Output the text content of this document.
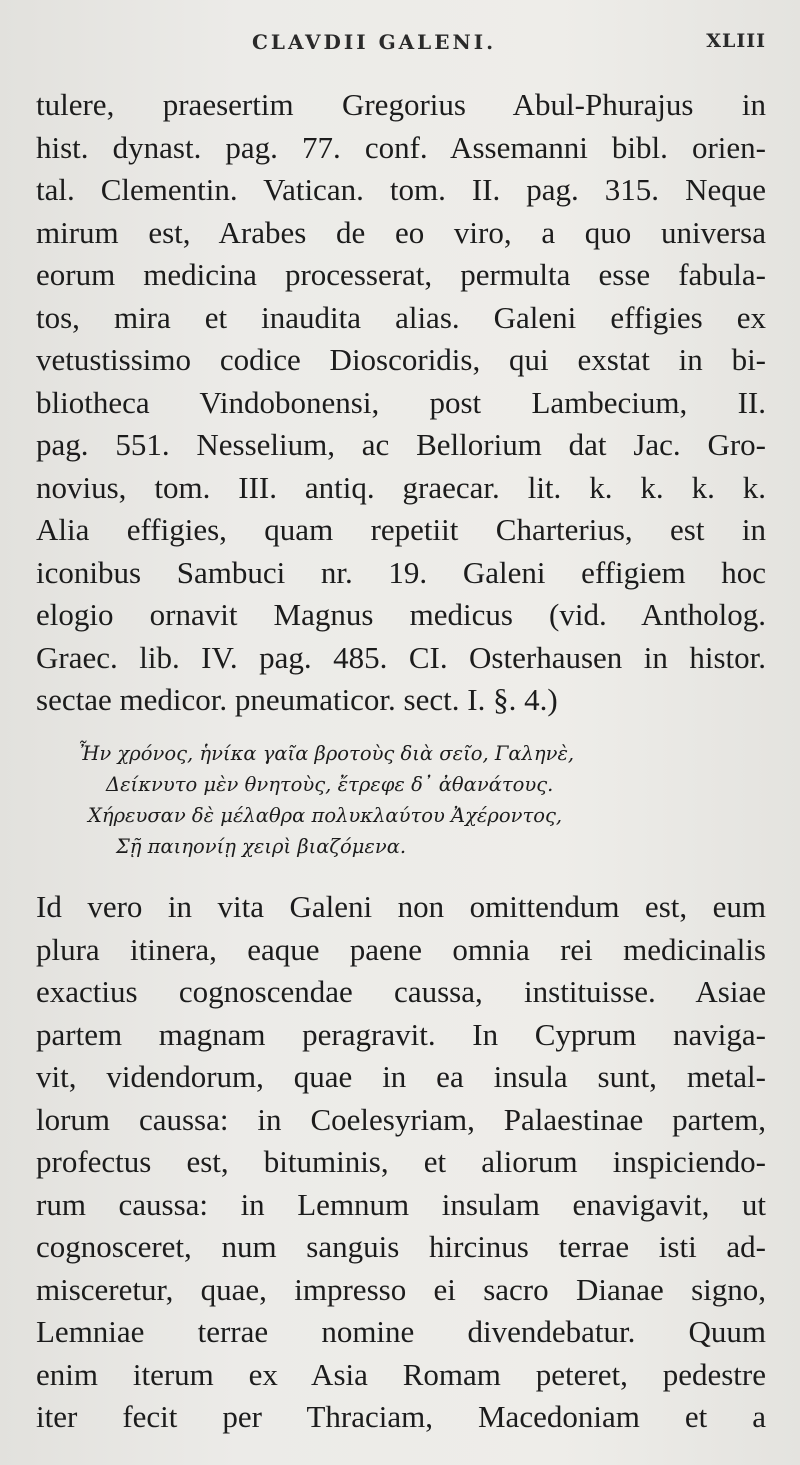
CLAVDII GALENI.	XLIII
tulere, praesertim Gregorius Abul-Phurajus in
hist. dynast. pag. 77. conf. Assemanni bibl. orien-
tal. Clementin. Vatican. tom. II. pag. 315. Neque
mirum est, Arabes de eo viro, a quo universa
eorum medicina processerat, permulta esse fabula-
tos, mira et inaudita alias. Galeni effigies ex
vetustissimo codice Dioscoridis, qui exstat in bi-
bliotheca Vindobonensi, post Lambecium, II.
pag. 551. Nesselium, ac Bellorium dat Jac. Gro-
novius, tom. III. antiq. graecar. lit. k. k. k. k.
Alia effigies, quam repetiit Charterius, est in
iconibus Sambuci nr. 19. Galeni effigiem hoc
elogio ornavit Magnus medicus (vid. Antholog.
Graec. lib. IV. pag. 485. CI. Osterhausen in histor.
sectae medicor. pneumaticor. sect. I. §. 4.)
Ἦν χρόνος, ἡνίκα γαῖα βροτοὺς διὰ σεῖο, Γαληνὲ,
Δείκνυτο μὲν θνητοὺς, ἔτρεφε δ᾽ ἀθανάτους.
Χήρευσαν δὲ μέλαθρα πολυκλαύτου Ἀχέροντος,
Σῇ παιηονίῃ χειρὶ βιαζόμενα.
Id vero in vita Galeni non omittendum est, eum
plura itinera, eaque paene omnia rei medicinalis
exactius cognoscendae caussa, instituisse. Asiae
partem magnam peragravit. In Cyprum naviga-
vit, videndorum, quae in ea insula sunt, metal-
lorum caussa: in Coelesyriam, Palaestinae partem,
profectus est, bituminis, et aliorum inspiciendo-
rum caussa: in Lemnum insulam enavigavit, ut
cognosceret, num sanguis hircinus terrae isti ad-
misceretur, quae, impresso ei sacro Dianae signo,
Lemniae terrae nomine divendebatur. Quum
enim iterum ex Asia Romam peteret, pedestre
iter fecit per Thraciam, Macedoniam et a
